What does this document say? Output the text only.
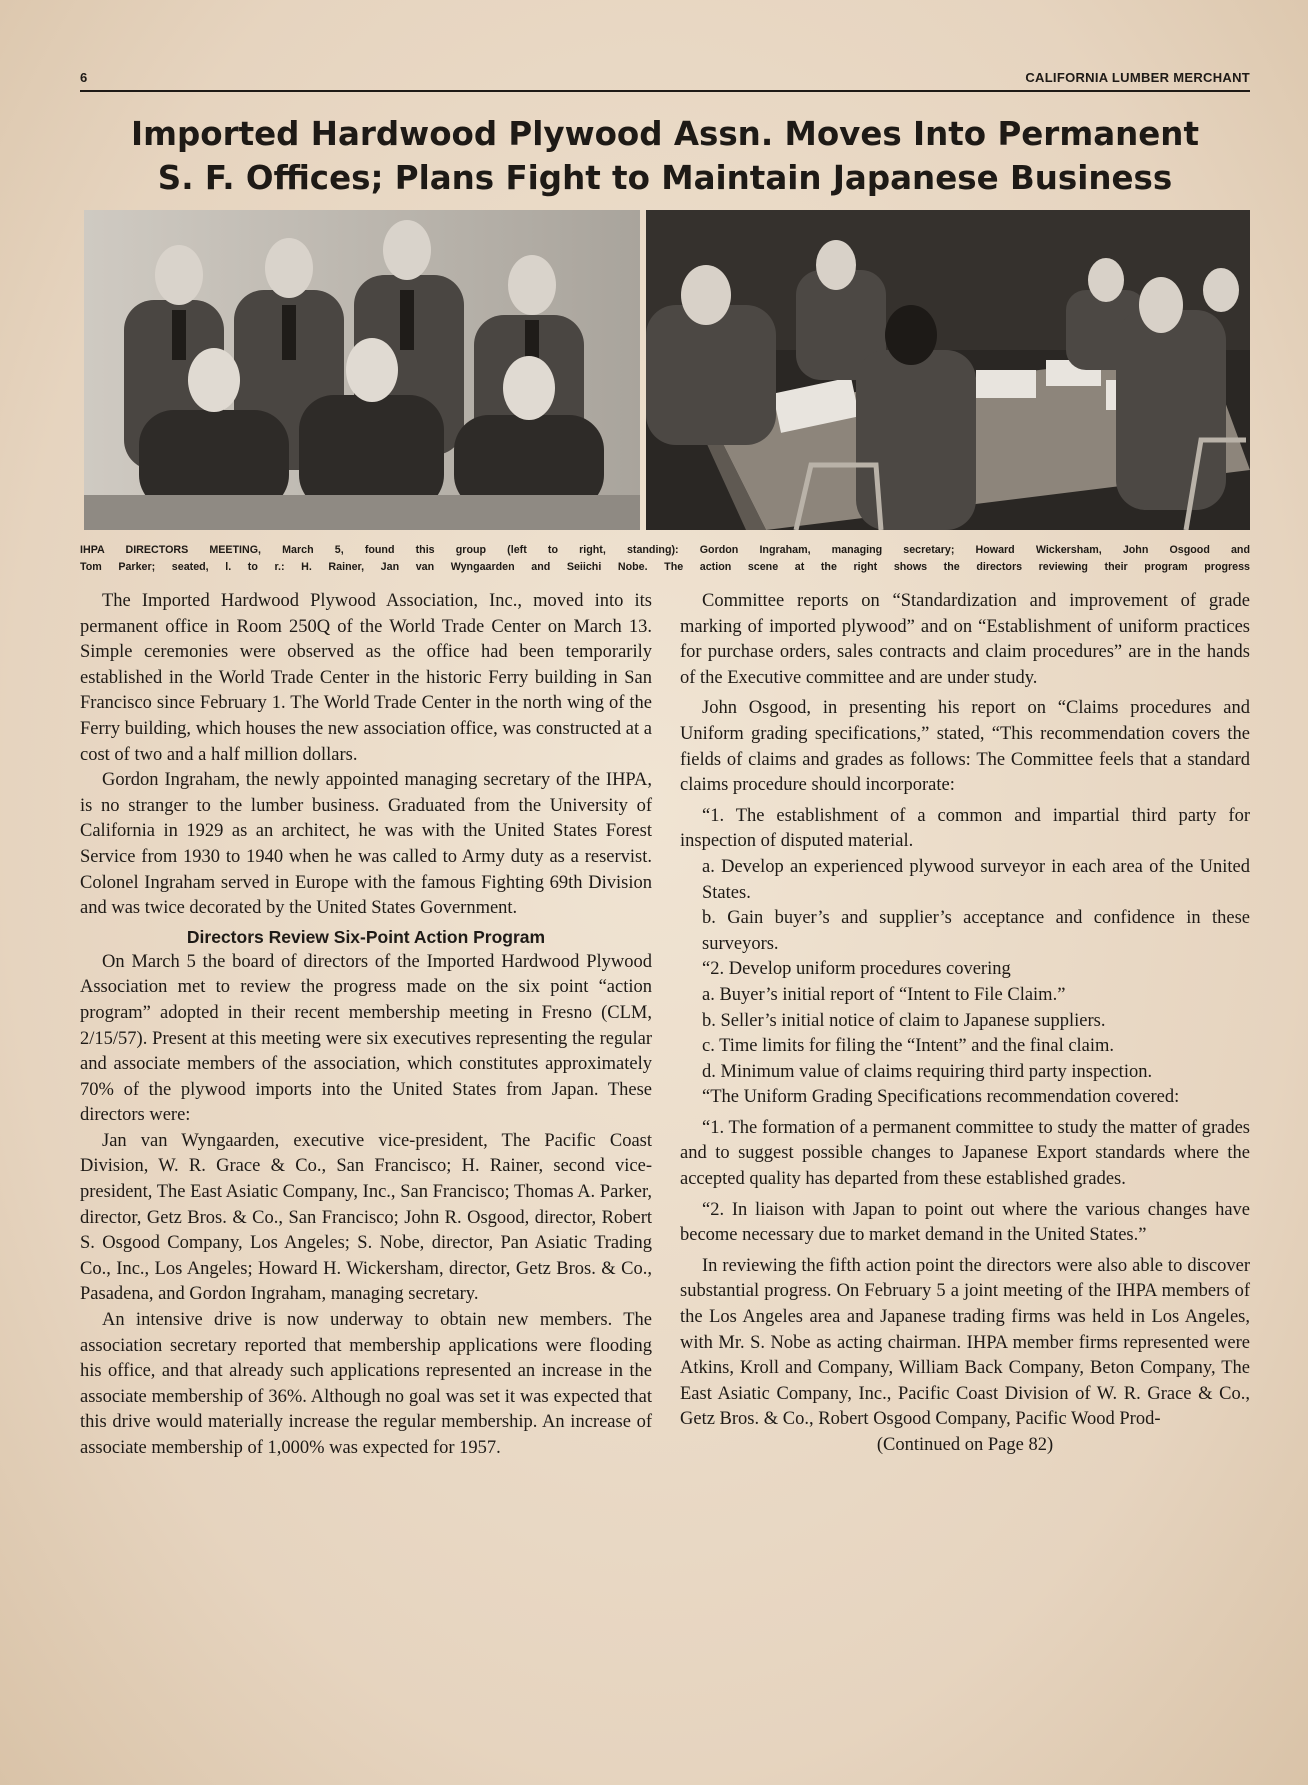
6	CALIFORNIA LUMBER MERCHANT
Imported Hardwood Plywood Assn. Moves Into Permanent
S. F. Offices; Plans Fight to Maintain Japanese Business
IHPA DIRECTORS MEETING, March 5, found this group (left to right, standing): Gordon Ingraham, managing secretary; Howard Wickersham, John Osgood and
Tom Parker; seated, l. to r.: H. Rainer, Jan van Wyngaarden and Seiichi Nobe. The action scene at the right shows the directors reviewing their program progress

The Imported Hardwood Plywood Association, Inc., moved into its permanent office in Room 250Q of the World Trade Center on March 13. Simple ceremonies were observed as the office had been temporarily established in the World Trade Center in the historic Ferry building in San Francisco since February 1. The World Trade Center in the north wing of the Ferry building, which houses the new association office, was constructed at a cost of two and a half million dollars.

Gordon Ingraham, the newly appointed managing secretary of the IHPA, is no stranger to the lumber business. Graduated from the University of California in 1929 as an architect, he was with the United States Forest Service from 1930 to 1940 when he was called to Army duty as a reservist. Colonel Ingraham served in Europe with the famous Fighting 69th Division and was twice decorated by the United States Government.

Directors Review Six-Point Action Program

On March 5 the board of directors of the Imported Hardwood Plywood Association met to review the progress made on the six point “action program” adopted in their recent membership meeting in Fresno (CLM, 2/15/57). Present at this meeting were six executives representing the regular and associate members of the association, which constitutes approximately 70% of the plywood imports into the United States from Japan. These directors were:

Jan van Wyngaarden, executive vice-president, The Pacific Coast Division, W. R. Grace & Co., San Francisco; H. Rainer, second vice-president, The East Asiatic Company, Inc., San Francisco; Thomas A. Parker, director, Getz Bros. & Co., San Francisco; John R. Osgood, director, Robert S. Osgood Company, Los Angeles; S. Nobe, director, Pan Asiatic Trading Co., Inc., Los Angeles; Howard H. Wickersham, director, Getz Bros. & Co., Pasadena, and Gordon Ingraham, managing secretary.

An intensive drive is now underway to obtain new members. The association secretary reported that membership applications were flooding his office, and that already such applications represented an increase in the associate membership of 36%. Although no goal was set it was expected that this drive would materially increase the regular membership. An increase of associate membership of 1,000% was expected for 1957.

Committee reports on “Standardization and improvement of grade marking of imported plywood” and on “Establishment of uniform practices for purchase orders, sales contracts and claim procedures” are in the hands of the Executive committee and are under study.

John Osgood, in presenting his report on “Claims procedures and Uniform grading specifications,” stated, “This recommendation covers the fields of claims and grades as follows: The Committee feels that a standard claims procedure should incorporate:

“1. The establishment of a common and impartial third party for inspection of disputed material.

a. Develop an experienced plywood surveyor in each area of the United States.

b. Gain buyer’s and supplier’s acceptance and confidence in these surveyors.

“2. Develop uniform procedures covering

a. Buyer’s initial report of “Intent to File Claim.”

b. Seller’s initial notice of claim to Japanese suppliers.

c. Time limits for filing the “Intent” and the final claim.

d. Minimum value of claims requiring third party inspection.

“The Uniform Grading Specifications recommendation covered:

“1. The formation of a permanent committee to study the matter of grades and to suggest possible changes to Japanese Export standards where the accepted quality has departed from these established grades.

“2. In liaison with Japan to point out where the various changes have become necessary due to market demand in the United States.”

In reviewing the fifth action point the directors were also able to discover substantial progress. On February 5 a joint meeting of the IHPA members of the Los Angeles area and Japanese trading firms was held in Los Angeles, with Mr. S. Nobe as acting chairman. IHPA member firms represented were Atkins, Kroll and Company, William Back Company, Beton Company, The East Asiatic Company, Inc., Pacific Coast Division of W. R. Grace & Co., Getz Bros. & Co., Robert Osgood Company, Pacific Wood Prod-

(Continued on Page 82)
